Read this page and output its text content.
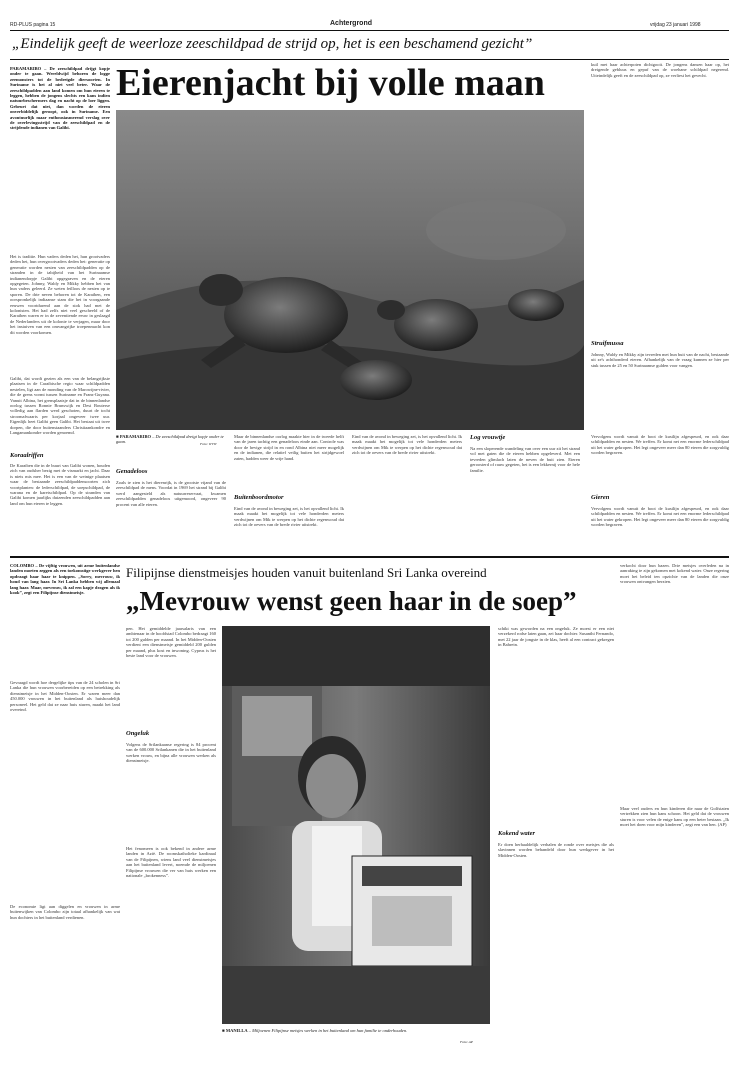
RD-PLUS pagina 15	Achtergrond	vrijdag 23 januari 1998
„Eindelijk geeft de weerloze zeeschildpad de strijd op, het is een beschamend gezicht”
PARAMARIBO – De zeeschildpad drijgt kopje onder te gaan. Wereldwijd behoren de logge zeemonsters tot de bedreigde diersoorten. In Suriname is het al niet veel beter. Waar de zeeschildpadden aan land komen om hun eieren te leggen, hebben de jongens slechts een kans indien natuurbeschermers dag en nacht op de loer liggen. Gebeurt dat niet, dan worden de eieren onverbiddelijk geroopt, ook in Suriname. Een avontuurlijk maar enthousiasmerend verslag over de overlevingsstrijd van de zeeschildpad en de strijdende indianen van Galibi.
Eierenjacht bij volle maan	kuil met haar achterpoten dichtgooit. De jongens dansen haar op, het dreigende gebluus en gepuf van de woehane schildpad negerend. Uiteindelijk geeft en de zeeschildpad op, ze verliest het gevecht.
Struifmussa
Johnny, Waldy en Mikky zijn tevreden met hun buit van de nacht, bestaande uit ze's achthonderd eieren. Afhankelijk van de vraag kunnen ze hier per stuk tussen de 25 en 50 Surinaamse gulden voor vangen.
Het is traditie. Hun vaders deden het, hun grootvaders deden het, hun overgrootvaders deden het: generatie op generatie worden nesten van zeeschildpadden op de stranden in de tabijheid van het Surinaamse indianendorpje Galibi opgegraven en de eieren opgegeten. Johnny, Waldy en Mikky hebben het van hun vaders geleerd. Ze weten feilloos de nesten op te sporen. De drie neven behoren tot de Karaiben, een oorspronkelijk indiaanse stam die het in voorgaande eeuwen voortdurend aan de stok had met de kolonisten. Het had zelfs niet veel gescheeld of de Karaiben waren er in de zeventiende eeuw in geslaagd de Nederlanders uit de kolonie te verjagen, maar door het instuiven van een omvangrijke troepenmacht kon dit worden voorkomen.
Galibi, dat wordt gezien als een van de belangrijkste plaatsen in de Caraibische regio waar schildpadden nestelen, ligt aan de monding van de Marowijne-rivier, die de grens vormt tussen Suriname en Frans-Guyana. Vanuit Albina, het grensplaatsje dat in de binnenlandse oorlog tussen Ronnie Brunswijk en Desi Bouterse volledig aan flarden werd geschoten, duurt de tocht stroomafwaarts per korjaal ongeveer twee uur. Eigenlijk heet Galibi geen Galibi. Het bestaat uit twee dorpen, die door buitenstaanders Christiaankondre en Langamankondre worden genoemd.
Koraalriffen
De Karaiben die in de buurt van Galibi wonen, houden zich van oudsher bezig met de vismarkt en jacht. Daar is niets mis mee. Het is een van de weinige plaatsen waar de bestaande zeeschildpaddensoorten zich voortplanten: de lederschildpad, de soepschildpad, de warana en de karetschildpad. Op de stranden van Galibi komen jaarlijks duizenden zeeschildpadden aan land om hun eieren te leggen.
■ PARAMARIBO – De zeeschildpad dreigt kopje onder te gaan.	Foto: WVW
Genadeloos
Zoals te zien is het dierenrijk, is de grootste vijand van de zeeschildpad de mens. Voordat in 1969 het strand bij Galibi werd aangesteld als natuurreservaat, kwamen zeeschildpadden genadeloos uitgemoord, ongeveer 90 procent van alle eieren.
Maar de binnenlandse oorlog maakte hier in de tweede helft van de jaren tachtig een genadeloos einde aan. Controle was door de hevige strijd in en rond Albina niet meer mogelijk en de indianen, die relatief veilig buiten het strijdgewoel zaten, hadden weer de vrije hand.
Buitenboordmotor
Eind van de avond in beweging zet, is het opvallend licht. Ik maak maakt het mogelijk tot vele honderden meters verdwijnen om Mik te werpen op het dichte regenwoud dat zich tot de oevers van de brede rivier uitstrekt.
Eind van de avond in beweging zet, is het opvallend licht. Ik maak maakt het mogelijk tot vele honderden meters verdwijnen om Mik te werpen op het dichte regenwoud dat zich tot de oevers van de brede rivier uitstrekt.
Log vrouwtje
Na een sloperende wandeling van over een uur zit het strand vol met gaten die de eieren hebben opgeleverd. Met een tevreden glimlach laten de neven de buit zien. Eieren geroosterd of rauw gegeten, het is een lekkernij voor de hele familie.
Vervolgens wordt vanuit de boot de kustlijn afgespeurd, en ook daar schildpadden en nesten. We treffen. Er komt net een enorme lederschildpad uit het water gekropen. Het legt ongeveer meer dan 80 eieren die zorgvuldig worden begraven.
Gieren
Vervolgens wordt vanuit de boot de kustlijn afgespeurd, en ook daar schildpadden en nesten. We treffen. Er komt net een enorme lederschildpad uit het water gekropen. Het legt ongeveer meer dan 80 eieren die zorgvuldig worden begraven.
COLOMBO – De vijftig vrouwen, uit arme buitenlandse landen moeten zeggen als een toekomstige werkgever hen opdraagt haar haar te knippen. „Sorry, mevrouw, ik houd van lang haar. In Sri Lanka hebben wij allemaal lang haar. Maar, mevrouw, ik zal een kapje dragen als ik kook”, zegt een Filipijnse dienstmeisje.
Gevraagd wordt hoe dergelijke tips van de 24 scholen in Sri Lanka die hun vrouwen voorbereiden op een betrekking als dienstmeisje in het Midden-Oosten. Er waren meer dan 450.000 vrouwen in het buitenland als huishoudelijk personeel. Het geld dat ze naar huis sturen, maakt het land overeind.
De economie ligt aan diggelen en vrouwen in arme buitenwijken van Colombo zijn totaal afhankelijk van wat hun dochters in het buitenland verdienen.
Filipijnse dienstmeisjes houden vanuit buitenland Sri Lanka overeind
„Mevrouw wenst geen haar in de soep”
verkocht door hun bazen. Drie meisjes overleden na in aanraking te zijn gekomen met kokend water. Onze regering moet het beleid ten opzichte van de landen die onze vrouwen ontvangen herzien.
Maar veel ouders en hun kinderen die naar de Golfstaten vertrekken zien hun kans schoon. Het geld dat de vrouwen sturen is voor velen de enige kans op een beter bestaan. „Ik moet het doen voor mijn kinderen”, zegt een van hen. (AP)
pen. Het gemiddelde jaarsalaris van een ambtenaar in de hoofdstad Colombo bedraagt 160 tot 200 gulden per maand. In het Midden-Oosten verdient een dienstmeisje gemiddeld 200 gulden per maand, plus kost en inwoning. Cyprus is het beste land voor de vrouwen.
Ongeluk
Volgens de Srilankaanse regering is 84 procent van de 600.000 Srilankanen die in het buitenland werken vrouw, en bijna alle vrouwen werken als dienstmeisje.
Het fenomeen is ook bekend in andere arme landen in Azië. De roomskatholieke kardinaal van de Filipijnen, wiens land veel dienstmeisjes aan het buitenland levert, noemde de miljoenen Filipijnse vrouwen die ver van huis werken een nationale „brokenness”.
■ MANILLA – Miljoenen Filipijnse meisjes werken in het buitenland om hun familie te onderhouden.
Foto: AP
schikt was geworden na een ongeluk. Ze moest er een niet verzekerd rodse laten gaan, zei haar dochter. Susanthi Fernando, met 22 jaar de jongste in de klas, heeft al een contract gekregen in Bahrein.
Kokend water
Er doen herhaaldelijk verhalen de ronde over meisjes die als slavinnen worden behandeld door hun werkgever in het Midden-Oosten.
